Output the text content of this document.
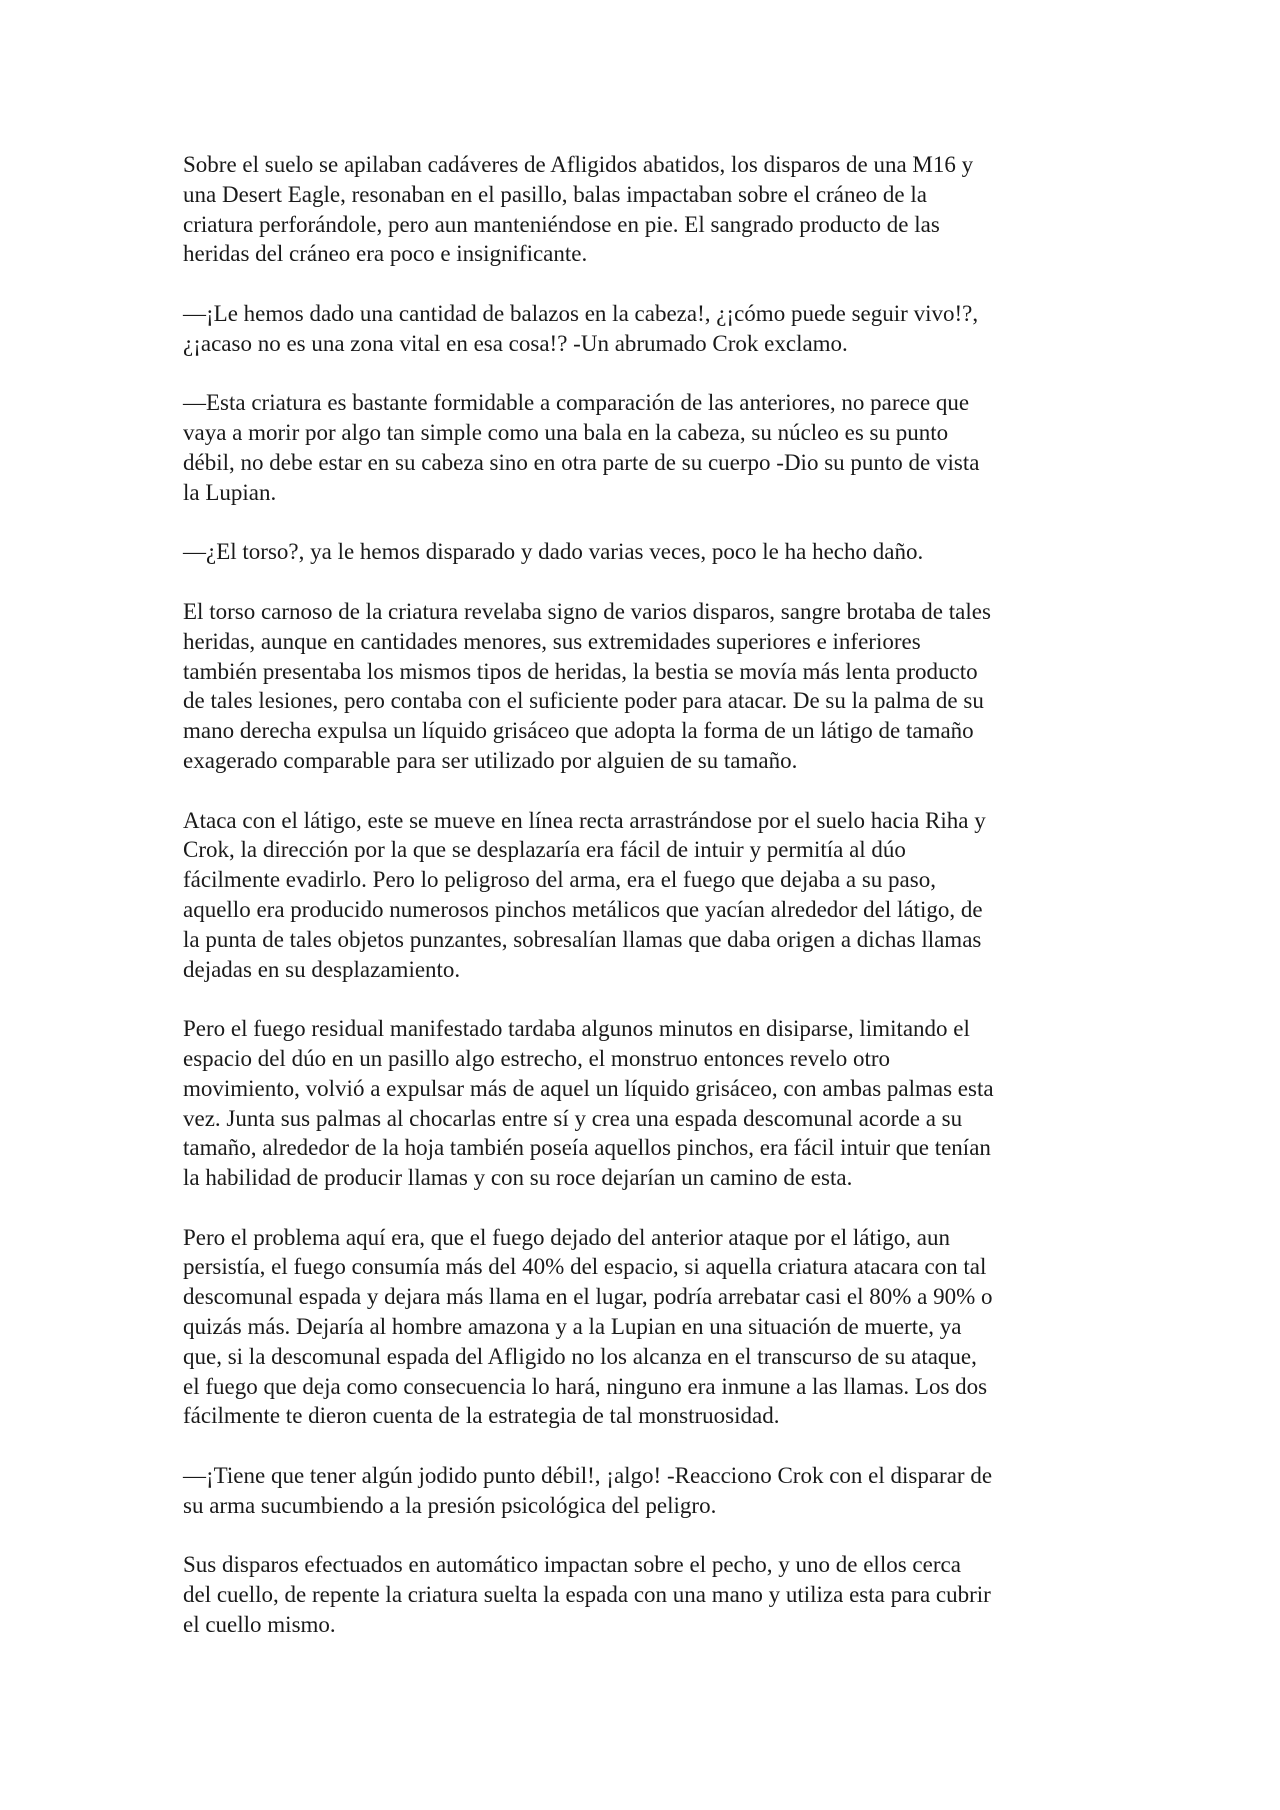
Sobre el suelo se apilaban cadáveres de Afligidos abatidos, los disparos de una M16 y
una Desert Eagle, resonaban en el pasillo, balas impactaban sobre el cráneo de la
criatura perforándole, pero aun manteniéndose en pie. El sangrado producto de las
heridas del cráneo era poco e insignificante.

—¡Le hemos dado una cantidad de balazos en la cabeza!, ¿¡cómo puede seguir vivo!?,
¿¡acaso no es una zona vital en esa cosa!? -Un abrumado Crok exclamo.

—Esta criatura es bastante formidable a comparación de las anteriores, no parece que
vaya a morir por algo tan simple como una bala en la cabeza, su núcleo es su punto
débil, no debe estar en su cabeza sino en otra parte de su cuerpo -Dio su punto de vista
la Lupian.

—¿El torso?, ya le hemos disparado y dado varias veces, poco le ha hecho daño.

El torso carnoso de la criatura revelaba signo de varios disparos, sangre brotaba de tales
heridas, aunque en cantidades menores, sus extremidades superiores e inferiores
también presentaba los mismos tipos de heridas, la bestia se movía más lenta producto
de tales lesiones, pero contaba con el suficiente poder para atacar. De su la palma de su
mano derecha expulsa un líquido grisáceo que adopta la forma de un látigo de tamaño
exagerado comparable para ser utilizado por alguien de su tamaño.

Ataca con el látigo, este se mueve en línea recta arrastrándose por el suelo hacia Riha y
Crok, la dirección por la que se desplazaría era fácil de intuir y permitía al dúo
fácilmente evadirlo. Pero lo peligroso del arma, era el fuego que dejaba a su paso,
aquello era producido numerosos pinchos metálicos que yacían alrededor del látigo, de
la punta de tales objetos punzantes, sobresalían llamas que daba origen a dichas llamas
dejadas en su desplazamiento.

Pero el fuego residual manifestado tardaba algunos minutos en disiparse, limitando el
espacio del dúo en un pasillo algo estrecho, el monstruo entonces revelo otro
movimiento, volvió a expulsar más de aquel un líquido grisáceo, con ambas palmas esta
vez. Junta sus palmas al chocarlas entre sí y crea una espada descomunal acorde a su
tamaño, alrededor de la hoja también poseía aquellos pinchos, era fácil intuir que tenían
la habilidad de producir llamas y con su roce dejarían un camino de esta.

Pero el problema aquí era, que el fuego dejado del anterior ataque por el látigo, aun
persistía, el fuego consumía más del 40% del espacio, si aquella criatura atacara con tal
descomunal espada y dejara más llama en el lugar, podría arrebatar casi el 80% a 90% o
quizás más. Dejaría al hombre amazona y a la Lupian en una situación de muerte, ya
que, si la descomunal espada del Afligido no los alcanza en el transcurso de su ataque,
el fuego que deja como consecuencia lo hará, ninguno era inmune a las llamas. Los dos
fácilmente te dieron cuenta de la estrategia de tal monstruosidad.

—¡Tiene que tener algún jodido punto débil!, ¡algo! -Reacciono Crok con el disparar de
su arma sucumbiendo a la presión psicológica del peligro.

Sus disparos efectuados en automático impactan sobre el pecho, y uno de ellos cerca
del cuello, de repente la criatura suelta la espada con una mano y utiliza esta para cubrir
el cuello mismo.
